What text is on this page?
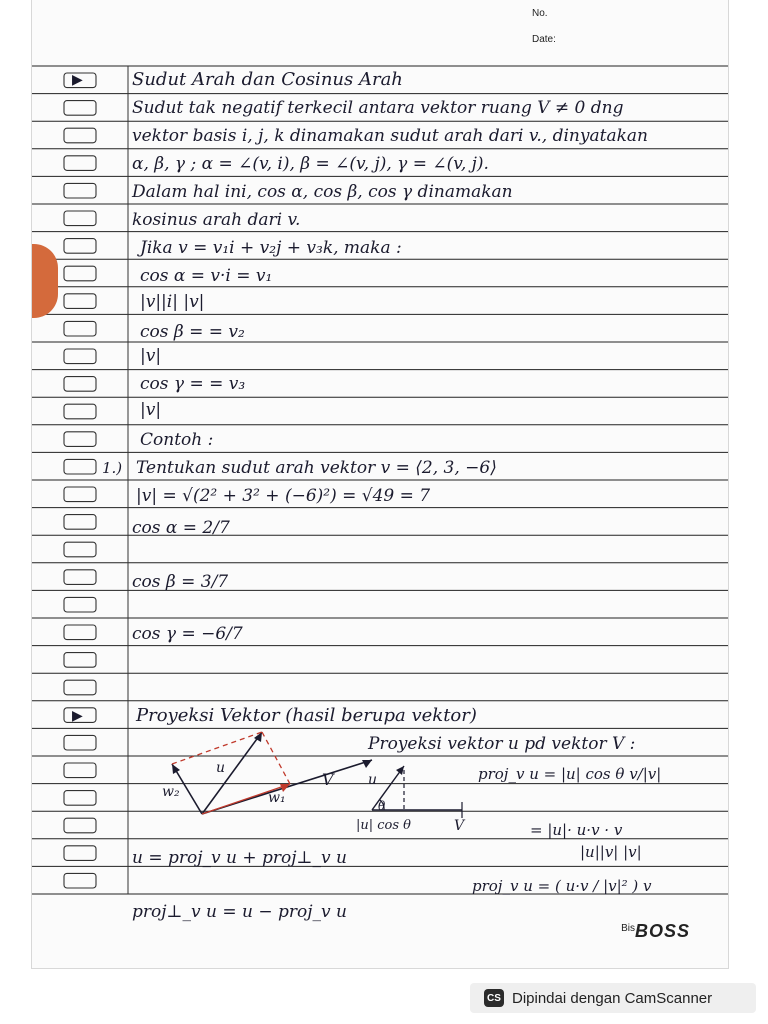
No.
Date:
Sudut Arah dan Cosinus Arah
▶
Sudut tak negatif terkecil antara vektor ruang V ≠ 0 dng
vektor basis i, j, k dinamakan sudut arah dari v., dinyatakan
α, β, γ ; α = ∠(v, i), β = ∠(v, j), γ = ∠(v, j).
Dalam hal ini, cos α, cos β, cos γ dinamakan
kosinus arah dari v.
Jika v = v₁i + v₂j + v₃k, maka :
cos α = v·i = v₁
|v||i| |v|
cos β = = v₂
|v|
cos γ = = v₃
|v|
Contoh :
Tentukan sudut arah vektor v = ⟨2, 3, −6⟩
1.)
|v| = √(2² + 3² + (−6)²) = √49 = 7
cos α = 2/7
cos β = 3/7
cos γ = −6/7
Proyeksi Vektor (hasil berupa vektor)
▶
Proyeksi vektor u pd vektor V :
proj_v u = |u| cos θ v/|v|
= |u|· u·v · v
|u||v| |v|
u = proj_v u + proj⊥_v u
proj_v u = ( u·v / |v|² ) v
proj⊥_v u = u − proj_v u
w₂	w₁
u
V u
θ
|u| cos θ	V
$^{Bis}$BOSS
CS Dipindai dengan CamScanner
